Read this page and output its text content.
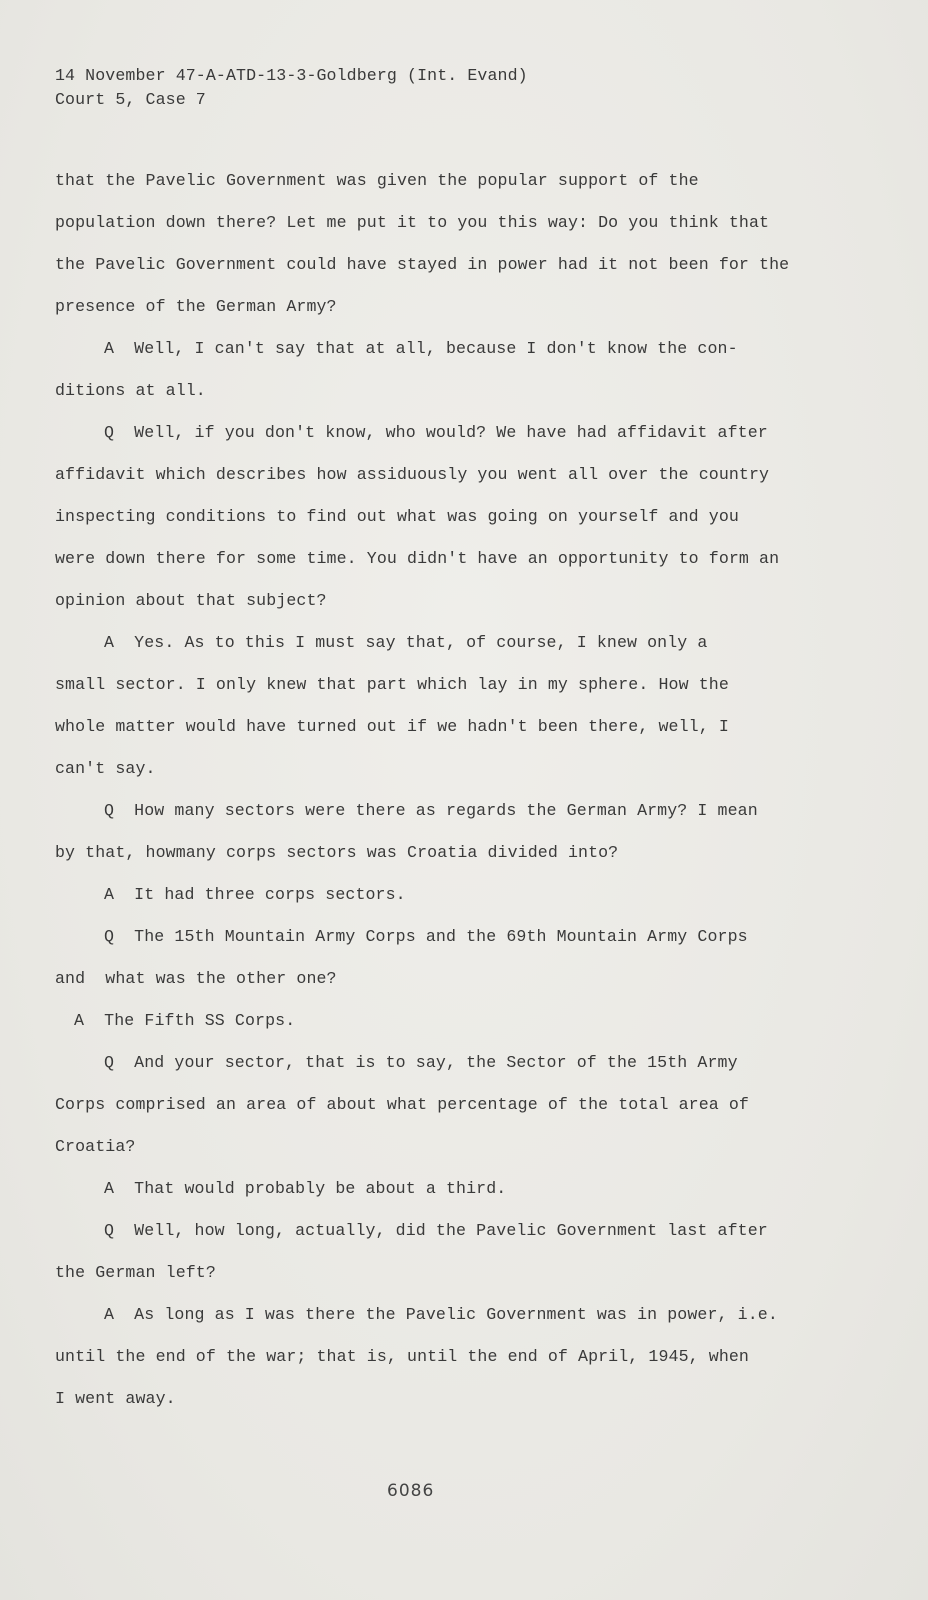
14 November 47-A-ATD-13-3-Goldberg (Int. Evand)
Court 5, Case 7
that the Pavelic Government was given the popular support of the
population down there? Let me put it to you this way: Do you think that
the Pavelic Government could have stayed in power had it not been for the
presence of the German Army?
A  Well, I can't say that at all, because I don't know the con-
ditions at all.
Q  Well, if you don't know, who would? We have had affidavit after
affidavit which describes how assiduously you went all over the country
inspecting conditions to find out what was going on yourself and you
were down there for some time. You didn't have an opportunity to form an
opinion about that subject?
A  Yes. As to this I must say that, of course, I knew only a
small sector. I only knew that part which lay in my sphere. How the
whole matter would have turned out if we hadn't been there, well, I
can't say.
Q  How many sectors were there as regards the German Army? I mean
by that, howmany corps sectors was Croatia divided into?
A  It had three corps sectors.
Q  The 15th Mountain Army Corps and the 69th Mountain Army Corps
and  what was the other one?
A  The Fifth SS Corps.
Q  And your sector, that is to say, the Sector of the 15th Army
Corps comprised an area of about what percentage of the total area of
Croatia?
A  That would probably be about a third.
Q  Well, how long, actually, did the Pavelic Government last after
the German left?
A  As long as I was there the Pavelic Government was in power, i.e.
until the end of the war; that is, until the end of April, 1945, when
I went away.
6086
